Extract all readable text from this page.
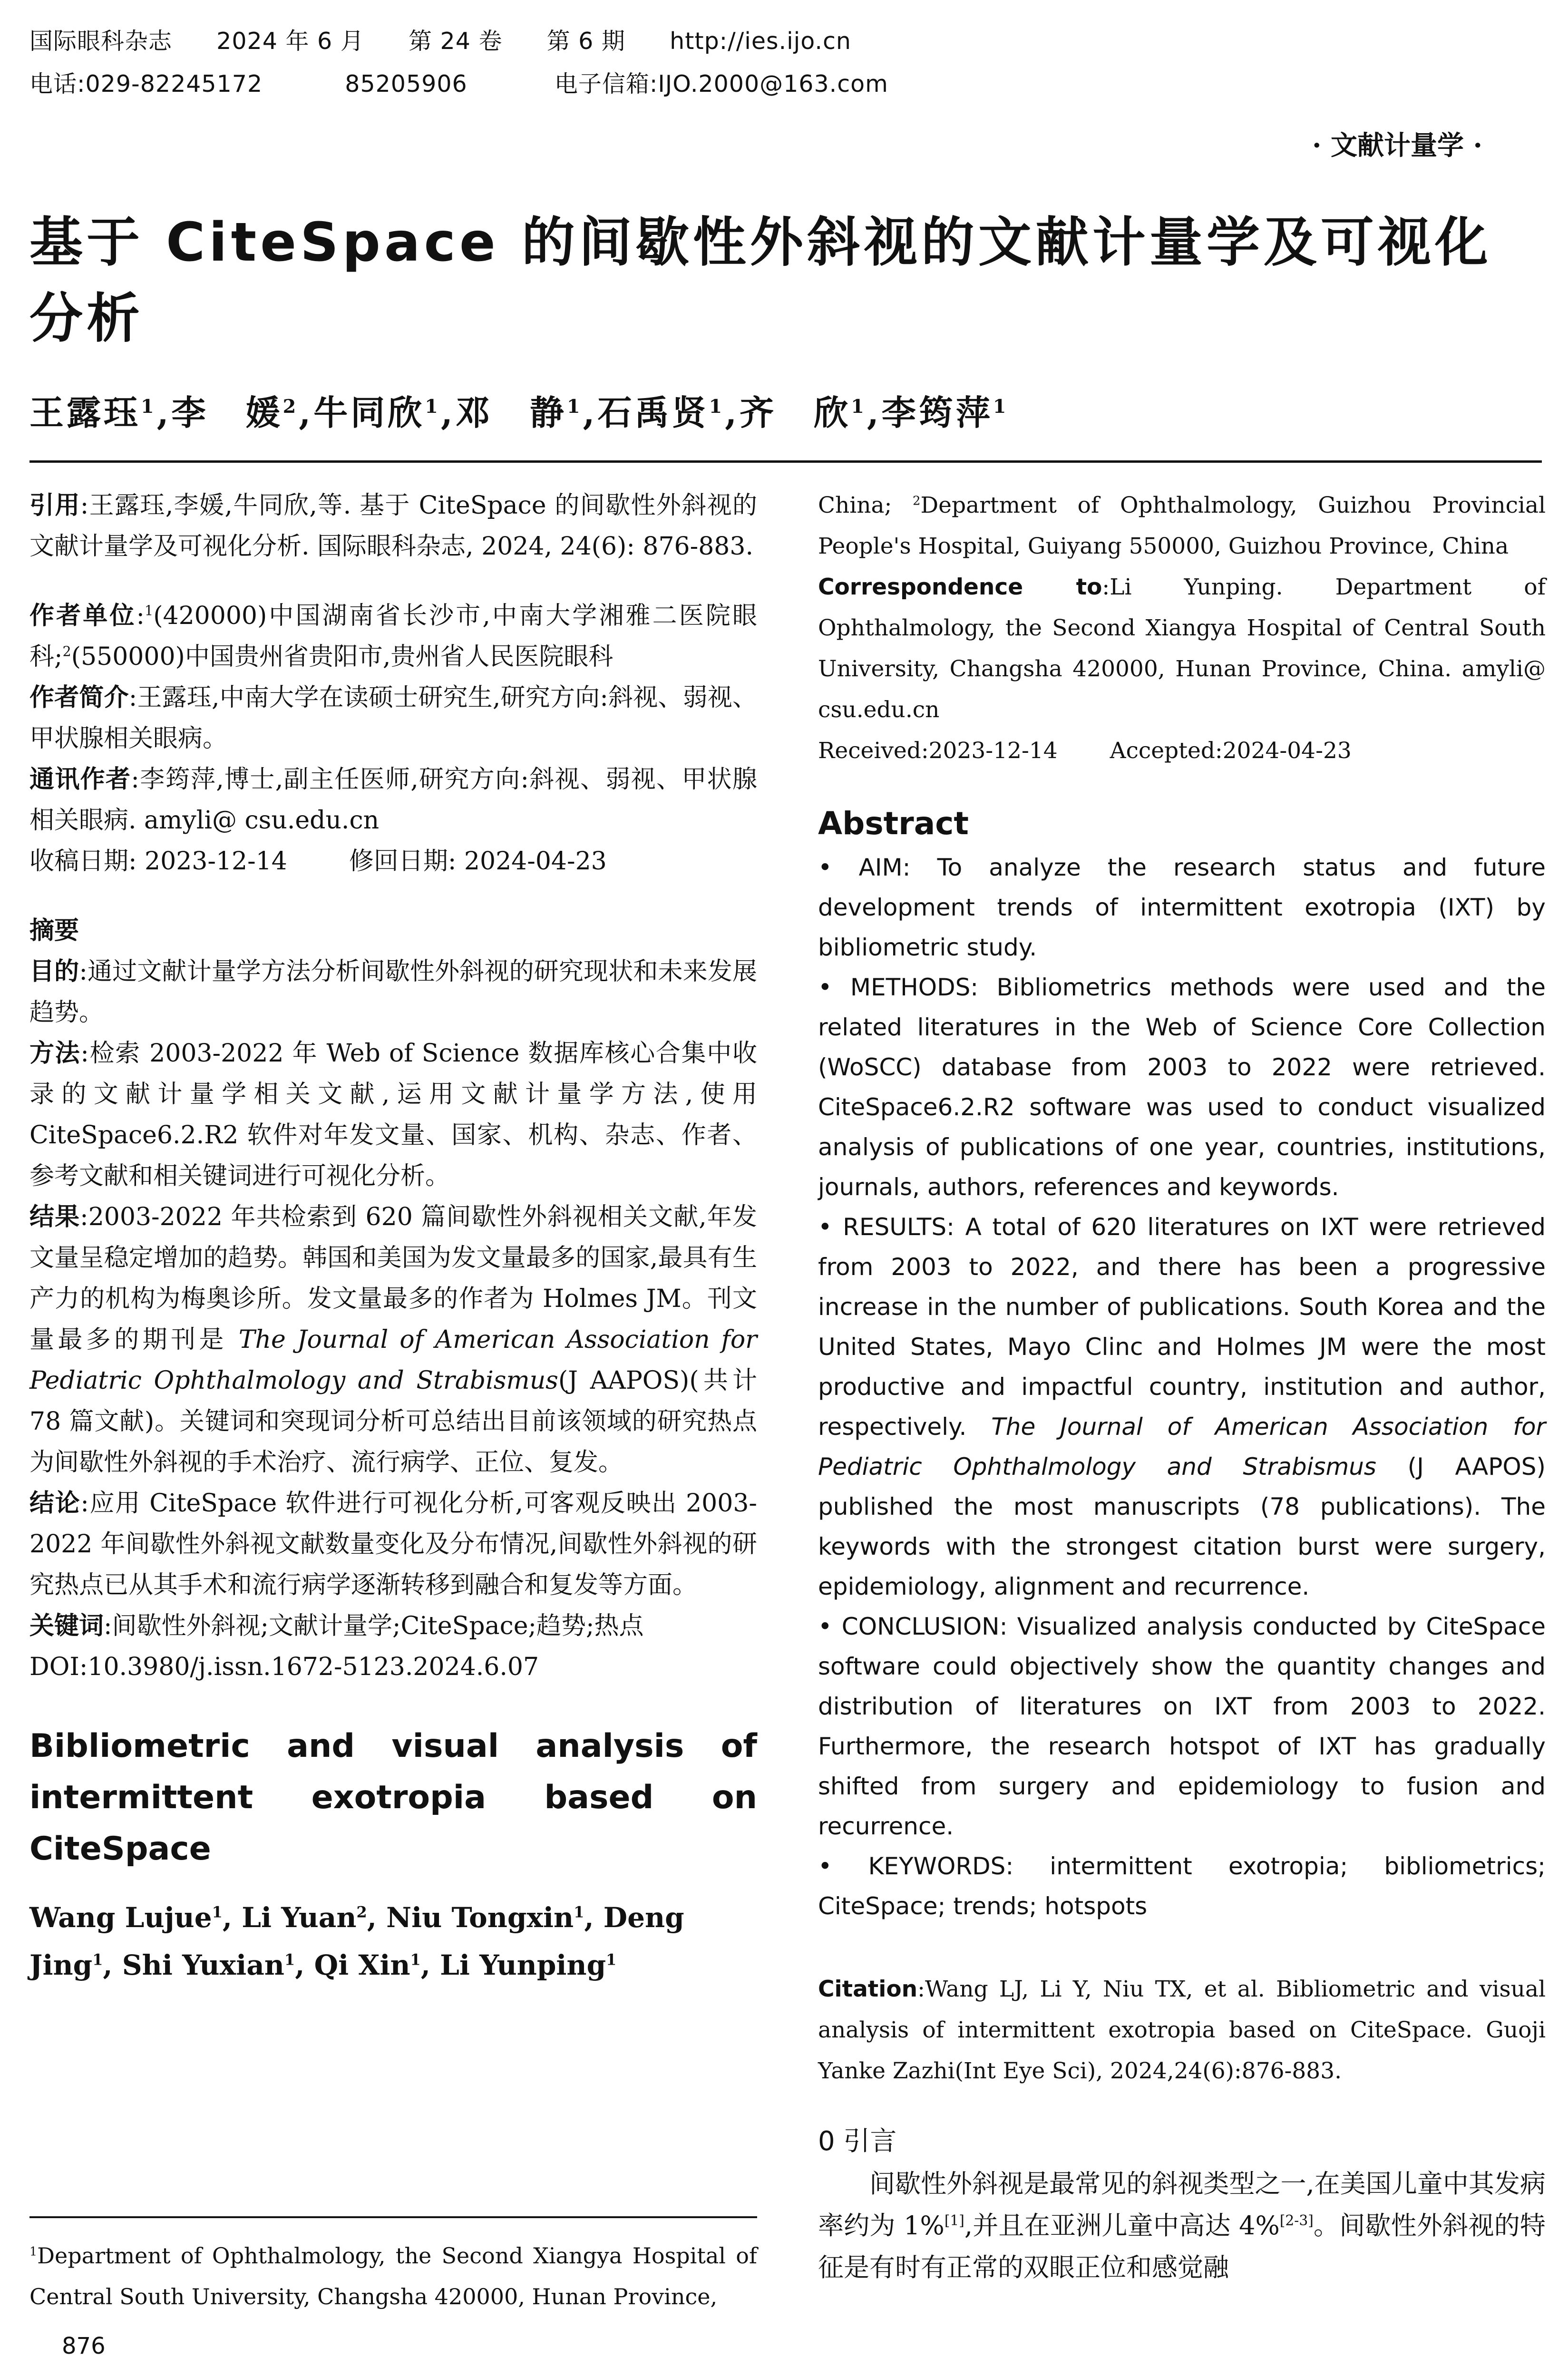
国际眼科杂志 2024 年 6 月 第 24 卷 第 6 期 http://ies.ijo.cn
电话:029-82245172	85205906	电子信箱:IJO.2000@163.com
· 文献计量学 ·
基于 CiteSpace 的间歇性外斜视的文献计量学及可视化分析
王露珏$^1$,李　媛$^2$,牛同欣$^1$,邓　静$^1$,石禹贤$^1$,齐　欣$^1$,李筠萍$^1$

引用:王露珏,李媛,牛同欣,等. 基于 CiteSpace 的间歇性外斜视的文献计量学及可视化分析. 国际眼科杂志, 2024, 24(6): 876-883.

作者单位:$^1$(420000)中国湖南省长沙市,中南大学湘雅二医院眼科;$^2$(550000)中国贵州省贵阳市,贵州省人民医院眼科

作者简介:王露珏,中南大学在读硕士研究生,研究方向:斜视、弱视、甲状腺相关眼病。

通讯作者:李筠萍,博士,副主任医师,研究方向:斜视、弱视、甲状腺相关眼病. amyli@ csu.edu.cn

收稿日期: 2023-12-14	修回日期: 2024-04-23

摘要

目的:通过文献计量学方法分析间歇性外斜视的研究现状和未来发展趋势。

方法:检索 2003-2022 年 Web of Science 数据库核心合集中收录的文献计量学相关文献,运用文献计量学方法,使用 CiteSpace6.2.R2 软件对年发文量、国家、机构、杂志、作者、参考文献和相关键词进行可视化分析。

结果:2003-2022 年共检索到 620 篇间歇性外斜视相关文献,年发文量呈稳定增加的趋势。韩国和美国为发文量最多的国家,最具有生产力的机构为梅奥诊所。发文量最多的作者为 Holmes JM。刊文量最多的期刊是 The Journal of American Association for Pediatric Ophthalmology and Strabismus(J AAPOS)(共计 78 篇文献)。关键词和突现词分析可总结出目前该领域的研究热点为间歇性外斜视的手术治疗、流行病学、正位、复发。

结论:应用 CiteSpace 软件进行可视化分析,可客观反映出 2003-2022 年间歇性外斜视文献数量变化及分布情况,间歇性外斜视的研究热点已从其手术和流行病学逐渐转移到融合和复发等方面。

关键词:间歇性外斜视;文献计量学;CiteSpace;趋势;热点

DOI:10.3980/j.issn.1672-5123.2024.6.07

Bibliometric and visual analysis of intermittent exotropia based on CiteSpace
Wang Lujue$^1$, Li Yuan$^2$, Niu Tongxin$^1$, Deng Jing$^1$, Shi Yuxian$^1$, Qi Xin$^1$, Li Yunping$^1$
$^1$Department of Ophthalmology, the Second Xiangya Hospital of Central South University, Changsha 420000, Hunan Province,
China; $^2$Department of Ophthalmology, Guizhou Provincial People's Hospital, Guiyang 550000, Guizhou Province, China
Correspondence to:Li Yunping. Department of Ophthalmology, the Second Xiangya Hospital of Central South University, Changsha 420000, Hunan Province, China. amyli@ csu.edu.cn
Received:2023-12-14 Accepted:2024-04-23

Abstract

• AIM: To analyze the research status and future development trends of intermittent exotropia (IXT) by bibliometric study.

• METHODS: Bibliometrics methods were used and the related literatures in the Web of Science Core Collection (WoSCC) database from 2003 to 2022 were retrieved. CiteSpace6.2.R2 software was used to conduct visualized analysis of publications of one year, countries, institutions, journals, authors, references and keywords.

• RESULTS: A total of 620 literatures on IXT were retrieved from 2003 to 2022, and there has been a progressive increase in the number of publications. South Korea and the United States, Mayo Clinc and Holmes JM were the most productive and impactful country, institution and author, respectively. The Journal of American Association for Pediatric Ophthalmology and Strabismus (J AAPOS) published the most manuscripts (78 publications). The keywords with the strongest citation burst were surgery, epidemiology, alignment and recurrence.

• CONCLUSION: Visualized analysis conducted by CiteSpace software could objectively show the quantity changes and distribution of literatures on IXT from 2003 to 2022. Furthermore, the research hotspot of IXT has gradually shifted from surgery and epidemiology to fusion and recurrence.

• KEYWORDS: intermittent exotropia; bibliometrics; CiteSpace; trends; hotspots

Citation:Wang LJ, Li Y, Niu TX, et al. Bibliometric and visual analysis of intermittent exotropia based on CiteSpace. Guoji Yanke Zazhi(Int Eye Sci), 2024,24(6):876-883.

0 引言

间歇性外斜视是最常见的斜视类型之一,在美国儿童中其发病率约为 1%[1],并且在亚洲儿童中高达 4%[2-3]。间歇性外斜视的特征是有时有正常的双眼正位和感觉融

876
